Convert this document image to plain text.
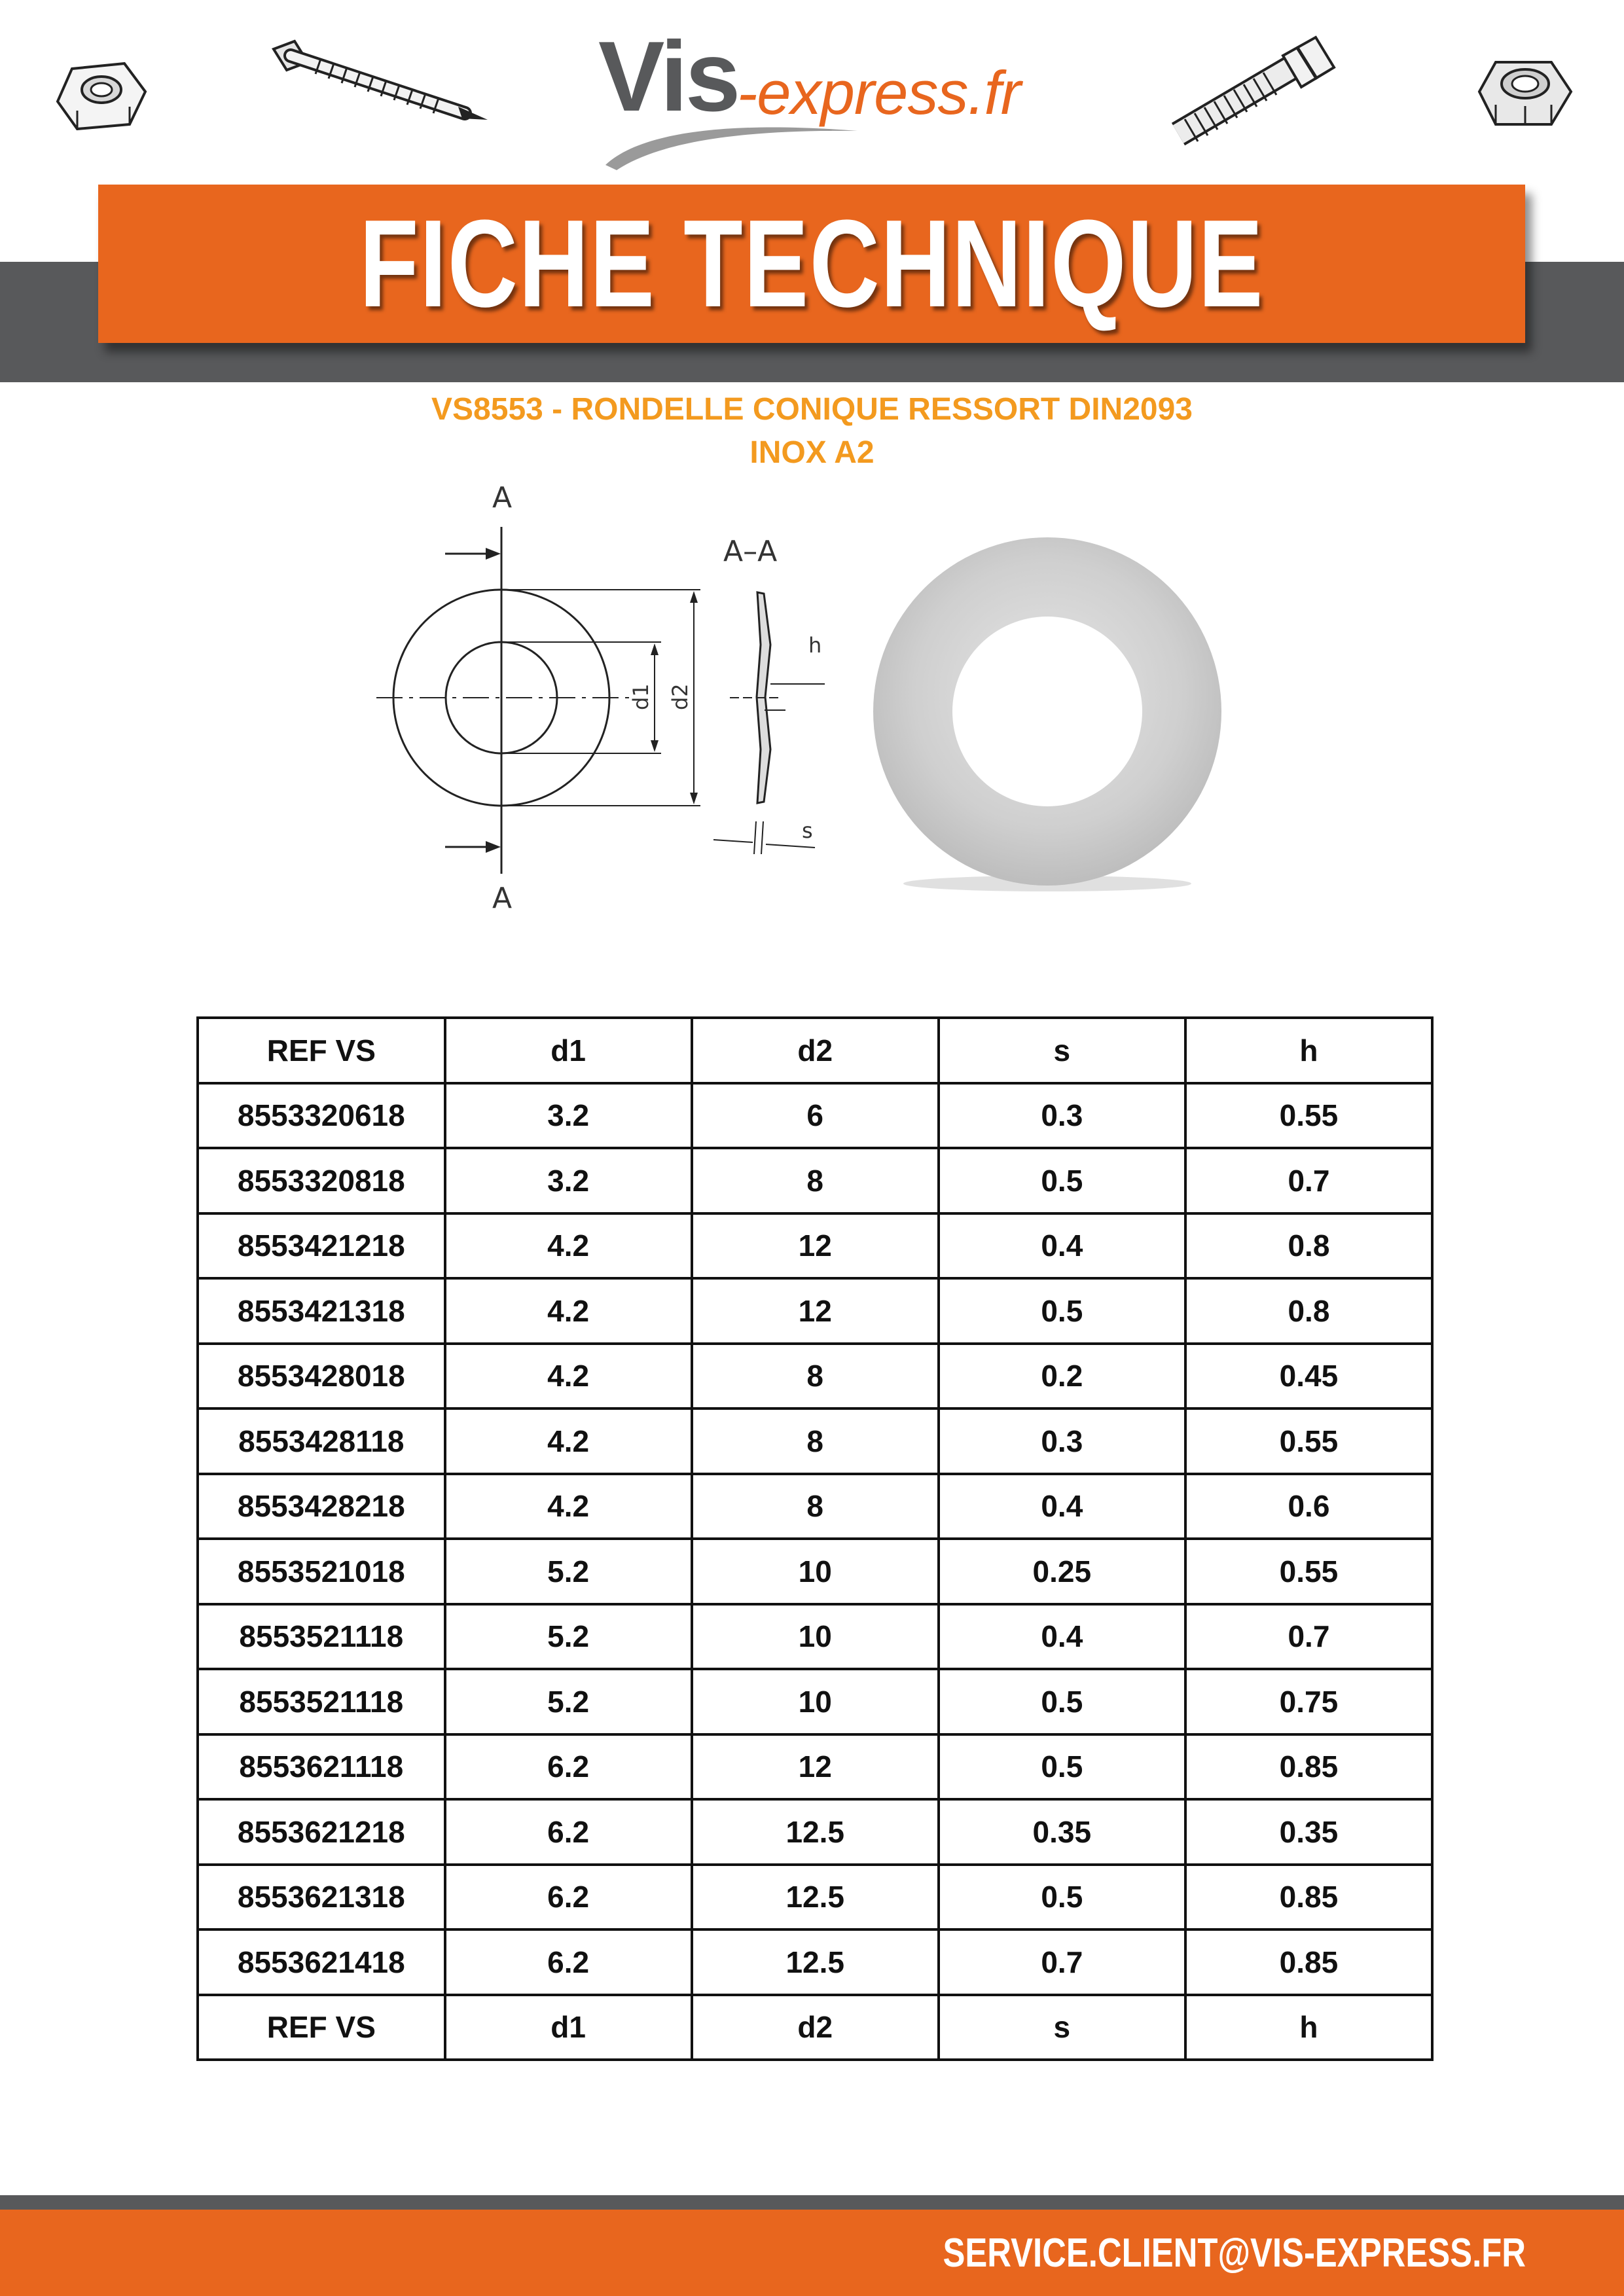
Vis
-express.fr
FICHE TECHNIQUE
VS8553 - RONDELLE CONIQUE RESSORT DIN2093
INOX A2
A
A
A–A
d1 d2
h
s
REF VS	d1	d2	s	h
8553320618	3.2	6	0.3	0.55
8553320818	3.2	8	0.5	0.7
8553421218	4.2	12	0.4	0.8
8553421318	4.2	12	0.5	0.8
8553428018	4.2	8	0.2	0.45
8553428118	4.2	8	0.3	0.55
8553428218	4.2	8	0.4	0.6
8553521018	5.2	10	0.25	0.55
8553521118	5.2	10	0.4	0.7
8553521118	5.2	10	0.5	0.75
8553621118	6.2	12	0.5	0.85
8553621218	6.2	12.5	0.35	0.35
8553621318	6.2	12.5	0.5	0.85
8553621418	6.2	12.5	0.7	0.85
REF VS	d1	d2	s	h
SERVICE.CLIENT@VIS-EXPRESS.FR
